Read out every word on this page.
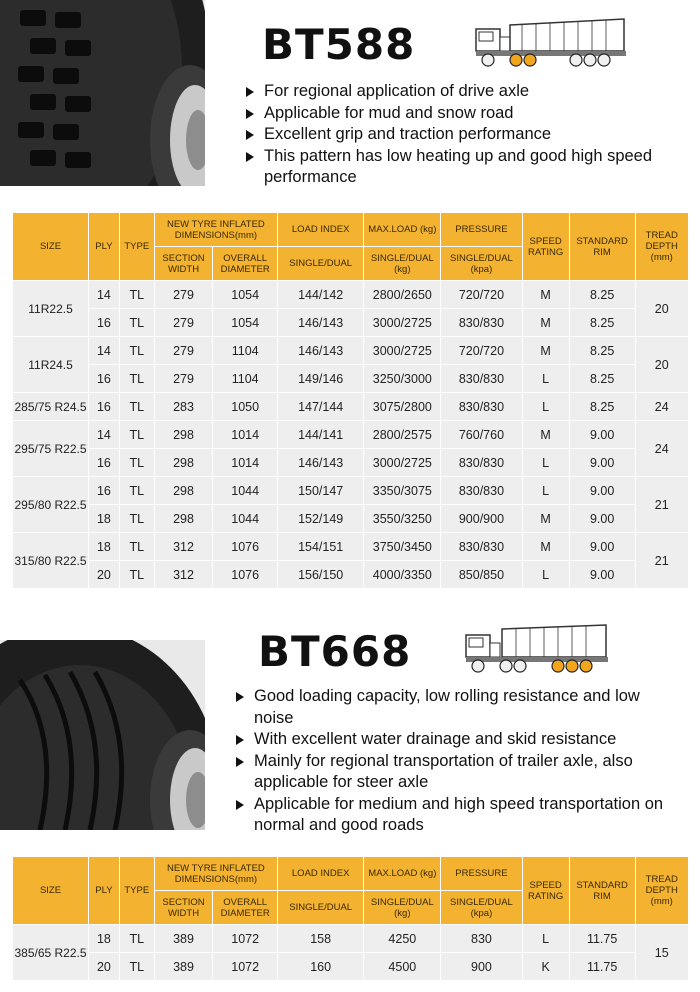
BT588
For regional application of drive axle
Applicable for mud and snow road
Excellent grip and traction performance
This pattern has low heating up and good high speed performance
SIZE	PLY	TYPE	NEW TYRE INFLATED DIMENSIONS(mm)		LOAD INDEX	MAX.LOAD (kg)	PRESSURE	SPEED RATING	STANDARD RIM	TREAD DEPTH (mm)
			SECTION WIDTH	OVERALL DIAMETER	SINGLE/DUAL	SINGLE/DUAL (kg)	SINGLE/DUAL (kpa)			
11R22.5	14	TL	279	1054	144/142	2800/2650	720/720	M	8.25	20
	16	TL	279	1054	146/143	3000/2725	830/830	M	8.25	
11R24.5	14	TL	279	1104	146/143	3000/2725	720/720	M	8.25	20
	16	TL	279	1104	149/146	3250/3000	830/830	L	8.25	
285/75 R24.5	16	TL	283	1050	147/144	3075/2800	830/830	L	8.25	24
295/75 R22.5	14	TL	298	1014	144/141	2800/2575	760/760	M	9.00	24
	16	TL	298	1014	146/143	3000/2725	830/830	L	9.00	
295/80 R22.5	16	TL	298	1044	150/147	3350/3075	830/830	L	9.00	21
	18	TL	298	1044	152/149	3550/3250	900/900	M	9.00	
315/80 R22.5	18	TL	312	1076	154/151	3750/3450	830/830	M	9.00	21
	20	TL	312	1076	156/150	4000/3350	850/850	L	9.00	
BT668
Good loading capacity, low rolling resistance and low noise
With excellent water drainage and skid resistance
Mainly for regional transportation of trailer axle, also applicable for steer axle
Applicable for medium and high speed transportation on normal and good roads
SIZE	PLY	TYPE	NEW TYRE INFLATED DIMENSIONS(mm)		LOAD INDEX	MAX.LOAD (kg)	PRESSURE	SPEED RATING	STANDARD RIM	TREAD DEPTH (mm)
			SECTION WIDTH	OVERALL DIAMETER	SINGLE/DUAL	SINGLE/DUAL (kg)	SINGLE/DUAL (kpa)			
385/65 R22.5	18	TL	389	1072	158	4250	830	L	11.75	15
	20	TL	389	1072	160	4500	900	K	11.75	
